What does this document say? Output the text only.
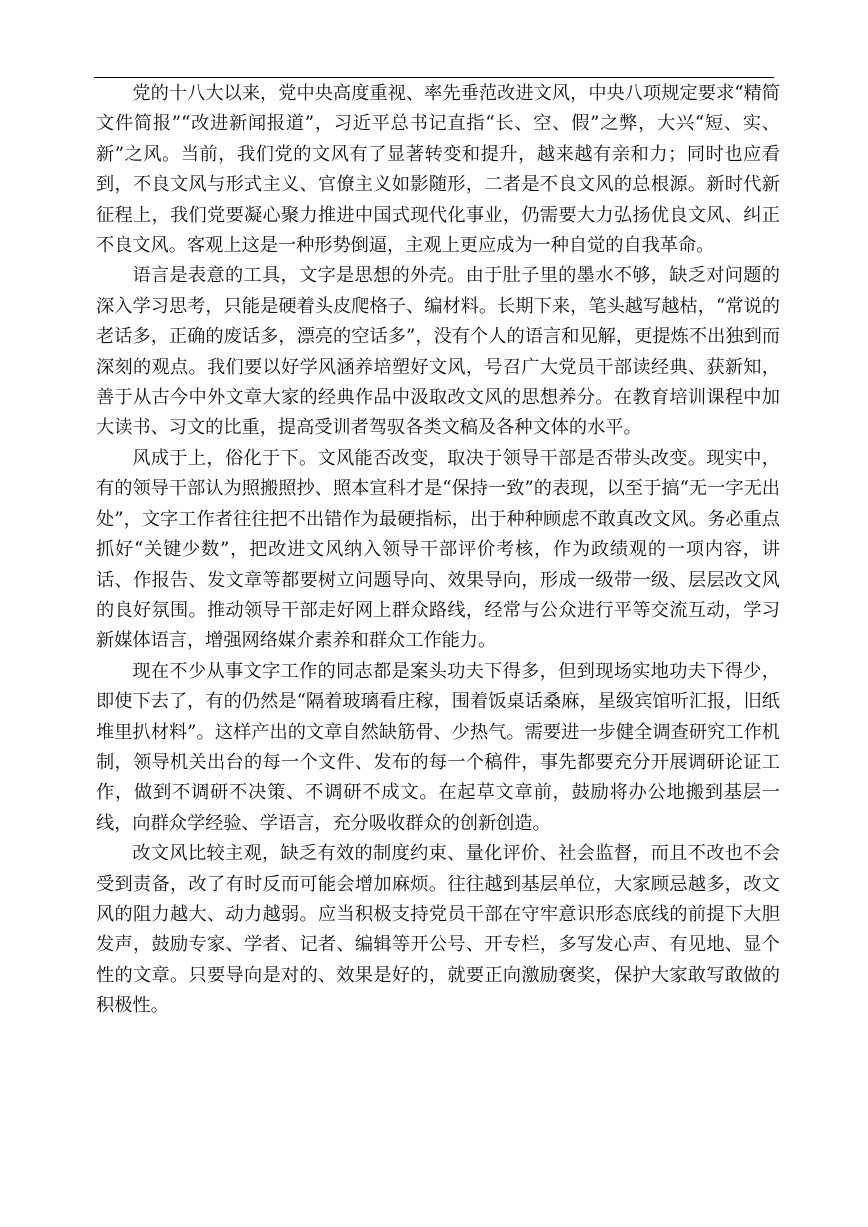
党的十八大以来，党中央高度重视、率先垂范改进文风，中央八项规定要求“精简文件简报”“改进新闻报道”，习近平总书记直指“长、空、假”之弊，大兴“短、实、新”之风。当前，我们党的文风有了显著转变和提升，越来越有亲和力；同时也应看到，不良文风与形式主义、官僚主义如影随形，二者是不良文风的总根源。新时代新征程上，我们党要凝心聚力推进中国式现代化事业，仍需要大力弘扬优良文风、纠正不良文风。客观上这是一种形势倒逼，主观上更应成为一种自觉的自我革命。

语言是表意的工具，文字是思想的外壳。由于肚子里的墨水不够，缺乏对问题的深入学习思考，只能是硬着头皮爬格子、编材料。长期下来，笔头越写越枯，“常说的老话多，正确的废话多，漂亮的空话多”，没有个人的语言和见解，更提炼不出独到而深刻的观点。我们要以好学风涵养培塑好文风，号召广大党员干部读经典、获新知，善于从古今中外文章大家的经典作品中汲取改文风的思想养分。在教育培训课程中加大读书、习文的比重，提高受训者驾驭各类文稿及各种文体的水平。

风成于上，俗化于下。文风能否改变，取决于领导干部是否带头改变。现实中，有的领导干部认为照搬照抄、照本宣科才是“保持一致”的表现，以至于搞“无一字无出处”，文字工作者往往把不出错作为最硬指标，出于种种顾虑不敢真改文风。务必重点抓好“关键少数”，把改进文风纳入领导干部评价考核，作为政绩观的一项内容，讲话、作报告、发文章等都要树立问题导向、效果导向，形成一级带一级、层层改文风的良好氛围。推动领导干部走好网上群众路线，经常与公众进行平等交流互动，学习新媒体语言，增强网络媒介素养和群众工作能力。

现在不少从事文字工作的同志都是案头功夫下得多，但到现场实地功夫下得少，即使下去了，有的仍然是“隔着玻璃看庄稼，围着饭桌话桑麻，星级宾馆听汇报，旧纸堆里扒材料”。这样产出的文章自然缺筋骨、少热气。需要进一步健全调查研究工作机制，领导机关出台的每一个文件、发布的每一个稿件，事先都要充分开展调研论证工作，做到不调研不决策、不调研不成文。在起草文章前，鼓励将办公地搬到基层一线，向群众学经验、学语言，充分吸收群众的创新创造。

改文风比较主观，缺乏有效的制度约束、量化评价、社会监督，而且不改也不会受到责备，改了有时反而可能会增加麻烦。往往越到基层单位，大家顾忌越多，改文风的阻力越大、动力越弱。应当积极支持党员干部在守牢意识形态底线的前提下大胆发声，鼓励专家、学者、记者、编辑等开公号、开专栏，多写发心声、有见地、显个性的文章。只要导向是对的、效果是好的，就要正向激励褒奖，保护大家敢写敢做的积极性。
